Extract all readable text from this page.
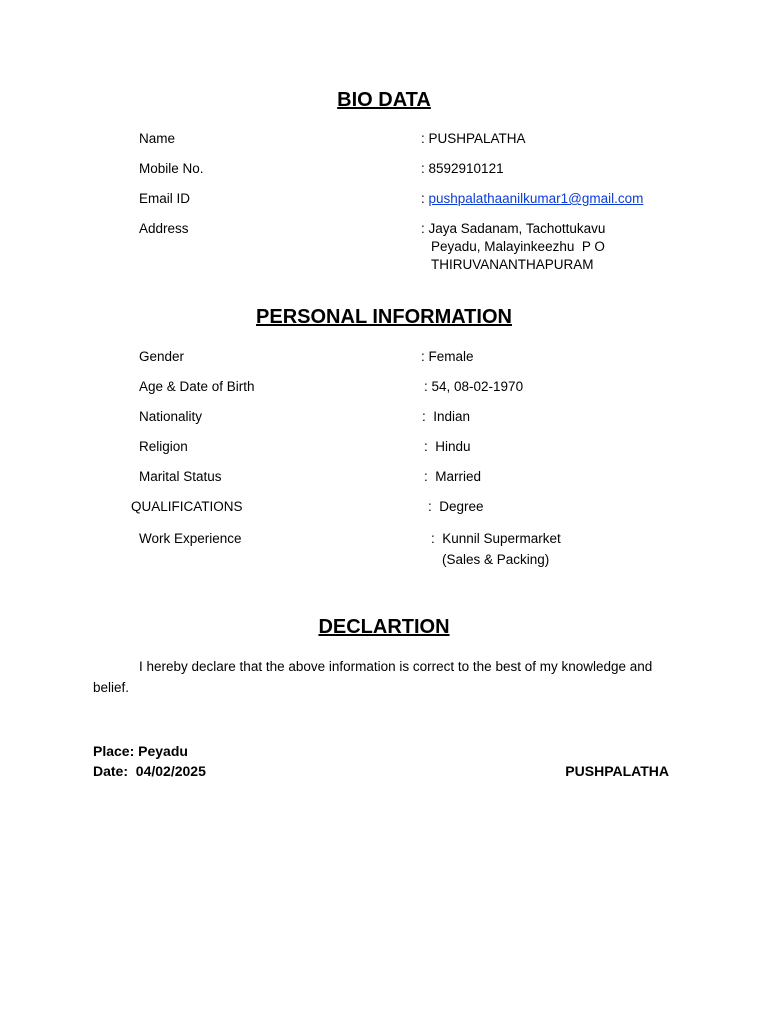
BIO DATA
Name	: PUSHPALATHA
Mobile No.	: 8592910121
Email ID	: pushpalathaanilkumar1@gmail.com
Address	: Jaya Sadanam, Tachottukavu
Peyadu, Malayinkeezhu  P O
THIRUVANANTHAPURAM
PERSONAL INFORMATION
Gender	: Female
Age & Date of Birth	: 54, 08-02-1970
Nationality	:  Indian
Religion	:  Hindu
Marital Status	:  Married
QUALIFICATIONS	:  Degree
Work Experience	:  Kunnil Supermarket
(Sales & Packing)
DECLARTION
I hereby declare that the above information is correct to the best of my knowledge and belief.
Place: Peyadu
Date:  04/02/2025	PUSHPALATHA
